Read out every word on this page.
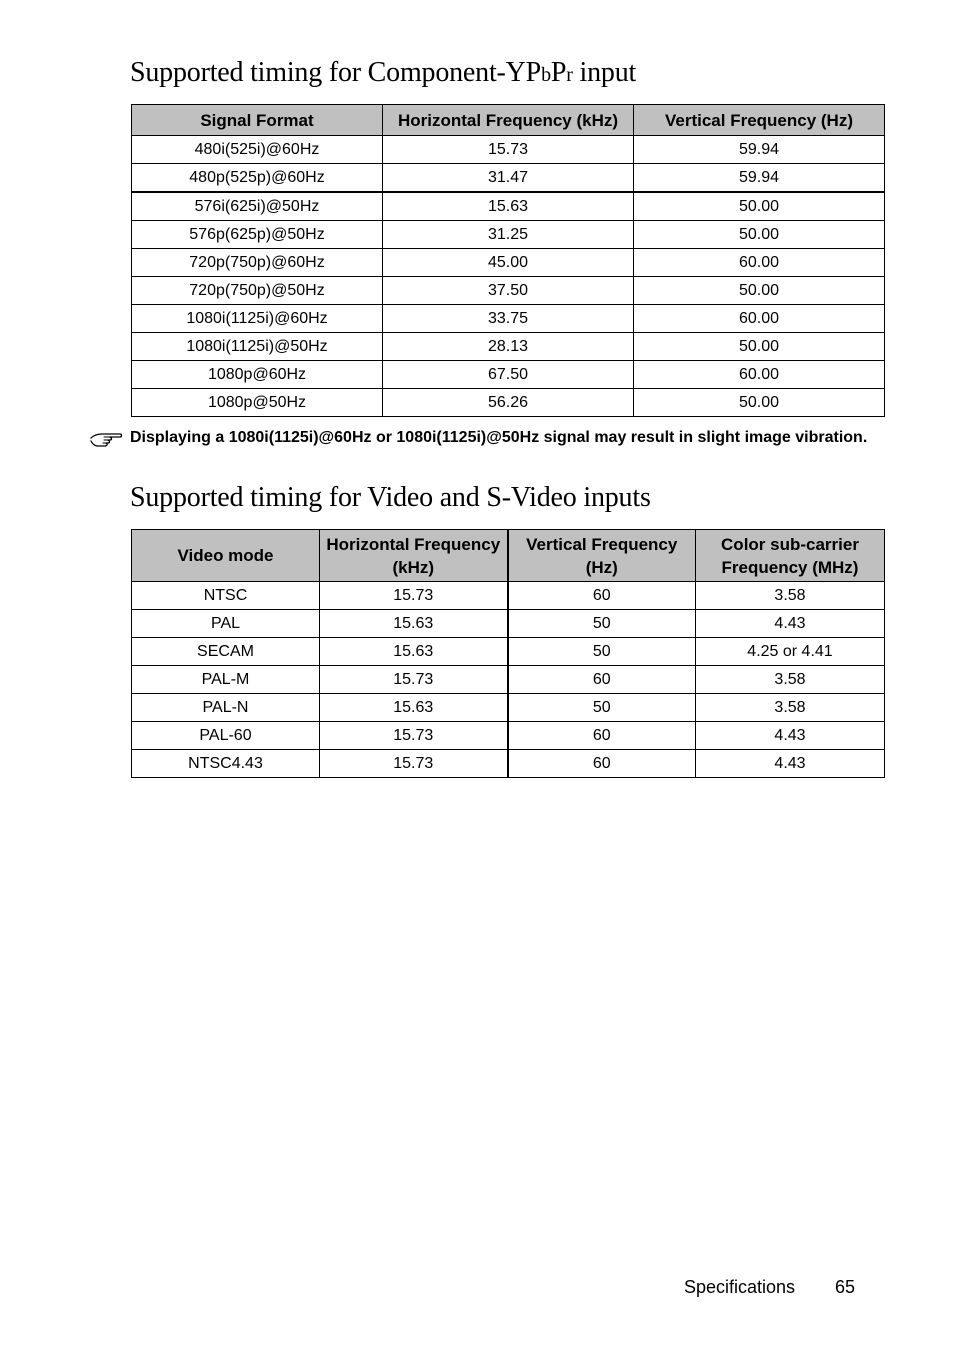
Supported timing for Component-YPbPr input
Signal Format	Horizontal Frequency (kHz)	Vertical Frequency (Hz)
480i(525i)@60Hz	15.73	59.94
480p(525p)@60Hz	31.47	59.94
576i(625i)@50Hz	15.63	50.00
576p(625p)@50Hz	31.25	50.00
720p(750p)@60Hz	45.00	60.00
720p(750p)@50Hz	37.50	50.00
1080i(1125i)@60Hz	33.75	60.00
1080i(1125i)@50Hz	28.13	50.00
1080p@60Hz	67.50	60.00
1080p@50Hz	56.26	50.00
Displaying a 1080i(1125i)@60Hz or 1080i(1125i)@50Hz signal may result in slight image vibration.
Supported timing for Video and S-Video inputs
Video mode	Horizontal Frequency (kHz)	Vertical Frequency (Hz)	Color sub-carrier Frequency (MHz)
NTSC	15.73	60	3.58
PAL	15.63	50	4.43
SECAM	15.63	50	4.25 or 4.41
PAL-M	15.73	60	3.58
PAL-N	15.63	50	3.58
PAL-60	15.73	60	4.43
NTSC4.43	15.73	60	4.43
Specifications 65
